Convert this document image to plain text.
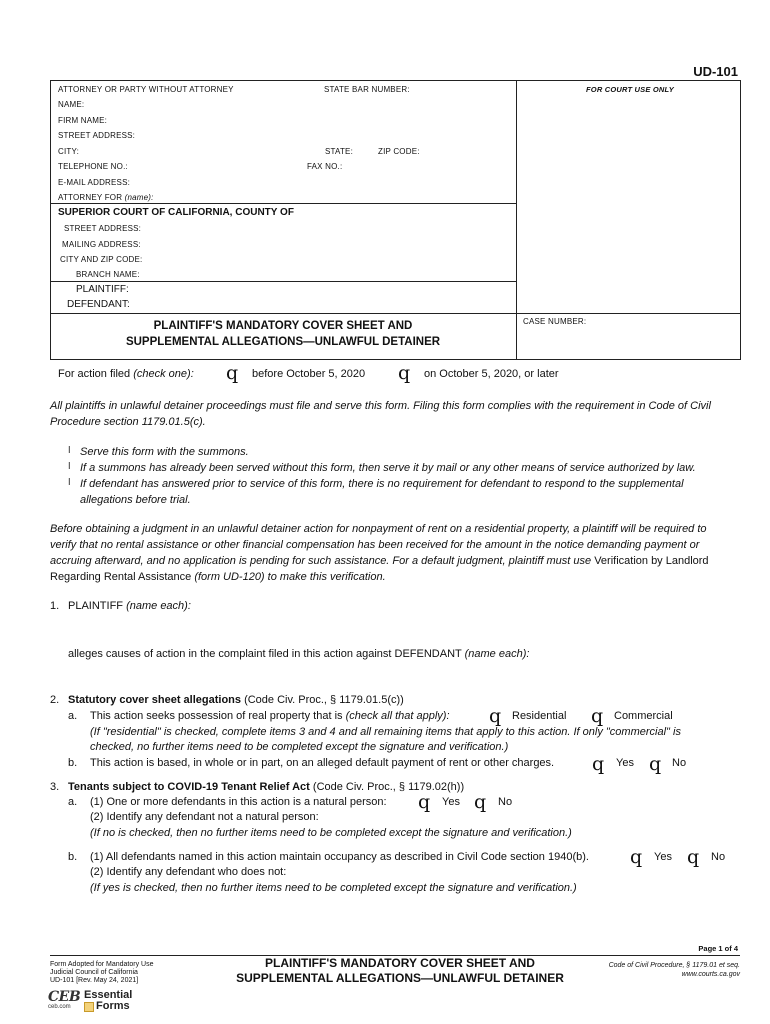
UD-101
ATTORNEY OR PARTY WITHOUT ATTORNEY	STATE BAR NUMBER:	FOR COURT USE ONLY
NAME:
FIRM NAME:
STREET ADDRESS:
CITY:	STATE:	ZIP CODE:
TELEPHONE NO.:	FAX NO.:
E-MAIL ADDRESS:
ATTORNEY FOR (name):
SUPERIOR COURT OF CALIFORNIA, COUNTY OF
STREET ADDRESS:
MAILING ADDRESS:
CITY AND ZIP CODE:
BRANCH NAME:
PLAINTIFF:
DEFENDANT:
PLAINTIFF'S MANDATORY COVER SHEET AND
SUPPLEMENTAL ALLEGATIONS—UNLAWFUL DETAINER
CASE NUMBER:
For action filed (check one): q before October 5, 2020 q on October 5, 2020, or later
All plaintiffs in unlawful detainer proceedings must file and serve this form. Filing this form complies with the requirement in Code of Civil Procedure section 1179.01.5(c).
l Serve this form with the summons.
l If a summons has already been served without this form, then serve it by mail or any other means of service authorized by law.
l If defendant has answered prior to service of this form, there is no requirement for defendant to respond to the supplemental allegations before trial.
Before obtaining a judgment in an unlawful detainer action for nonpayment of rent on a residential property, a plaintiff will be required to verify that no rental assistance or other financial compensation has been received for the amount in the notice demanding payment or accruing afterward, and no application is pending for such assistance. For a default judgment, plaintiff must use Verification by Landlord Regarding Rental Assistance (form UD-120) to make this verification.
1. PLAINTIFF (name each):
alleges causes of action in the complaint filed in this action against DEFENDANT (name each):
2. Statutory cover sheet allegations (Code Civ. Proc., § 1179.01.5(c))
a. This action seeks possession of real property that is (check all that apply): q Residential q Commercial
(If "residential" is checked, complete items 3 and 4 and all remaining items that apply to this action. If only "commercial" is
checked, no further items need to be completed except the signature and verification.)
b. This action is based, in whole or in part, on an alleged default payment of rent or other charges. q Yes q No
3. Tenants subject to COVID-19 Tenant Relief Act (Code Civ. Proc., § 1179.02(h))
a. (1) One or more defendants in this action is a natural person: q Yes q No
(2) Identify any defendant not a natural person:
(If no is checked, then no further items need to be completed except the signature and verification.)
b. (1) All defendants named in this action maintain occupancy as described in Civil Code section 1940(b). q Yes q No
(2) Identify any defendant who does not:
(If yes is checked, then no further items need to be completed except the signature and verification.)
Page 1 of 4
Form Adopted for Mandatory Use
Judicial Council of California
UD-101 [Rev. May 24, 2021]
PLAINTIFF'S MANDATORY COVER SHEET AND
SUPPLEMENTAL ALLEGATIONS—UNLAWFUL DETAINER
Code of Civil Procedure, § 1179.01 et seq.
www.courts.ca.gov
CEB
ceb.com
Essential
Forms
